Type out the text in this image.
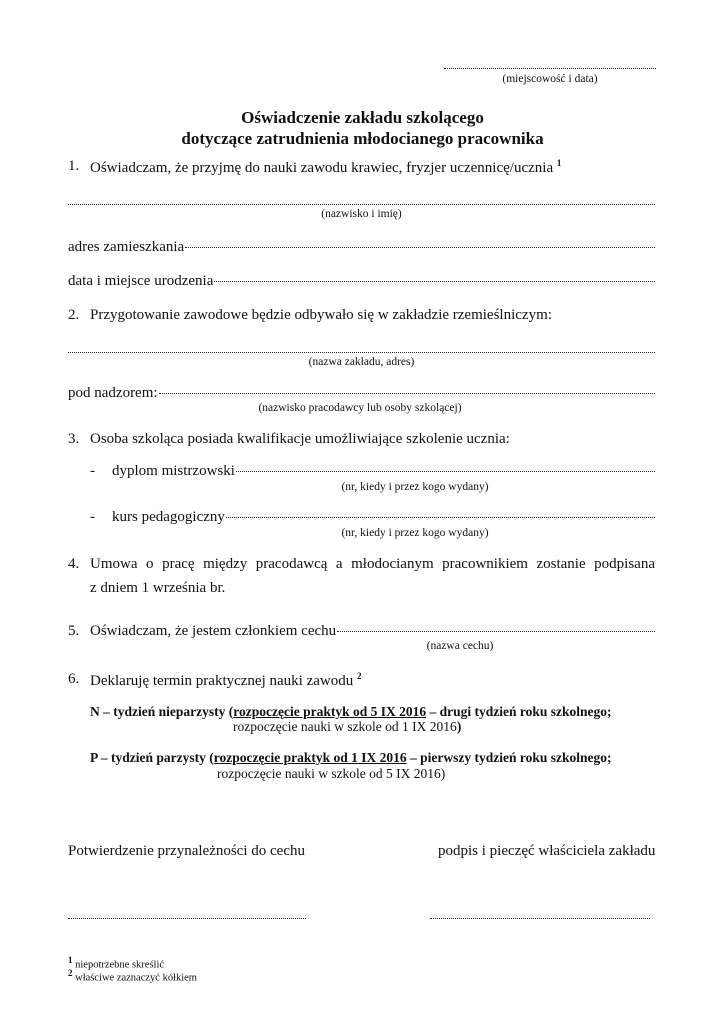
(miejscowość i data)
Oświadczenie zakładu szkolącego
dotyczące zatrudnienia młodocianego pracownika
1. Oświadczam, że przyjmę do nauki zawodu krawiec, fryzjer uczennicę/ucznia $^1$
(nazwisko i imię)
adres zamieszkania
data i miejsce urodzenia
2. Przygotowanie zawodowe będzie odbywało się w zakładzie rzemieślniczym:
(nazwa zakładu, adres)
pod nadzorem:
(nazwisko pracodawcy lub osoby szkolącej)
3. Osoba szkoląca posiada kwalifikacje umożliwiające szkolenie ucznia:
- dyplom mistrzowski
(nr, kiedy i przez kogo wydany)
- kurs pedagogiczny
(nr, kiedy i przez kogo wydany)
4. Umowa o pracę między pracodawcą a młodocianym pracownikiem zostanie podpisana
z dniem 1 września br.
5. Oświadczam, że jestem członkiem cechu
(nazwa cechu)
6. Deklaruję termin praktycznej nauki zawodu $^2$
N – tydzień nieparzysty (rozpoczęcie praktyk od 5 IX 2016 – drugi tydzień roku szkolnego;
rozpoczęcie nauki w szkole od 1 IX 2016)
P – tydzień parzysty (rozpoczęcie praktyk od 1 IX 2016 – pierwszy tydzień roku szkolnego;
rozpoczęcie nauki w szkole od 5 IX 2016)
Potwierdzenie przynależności do cechu	podpis i pieczęć właściciela zakładu
$^1$ niepotrzebne skreślić
$^2$ właściwe zaznaczyć kółkiem
